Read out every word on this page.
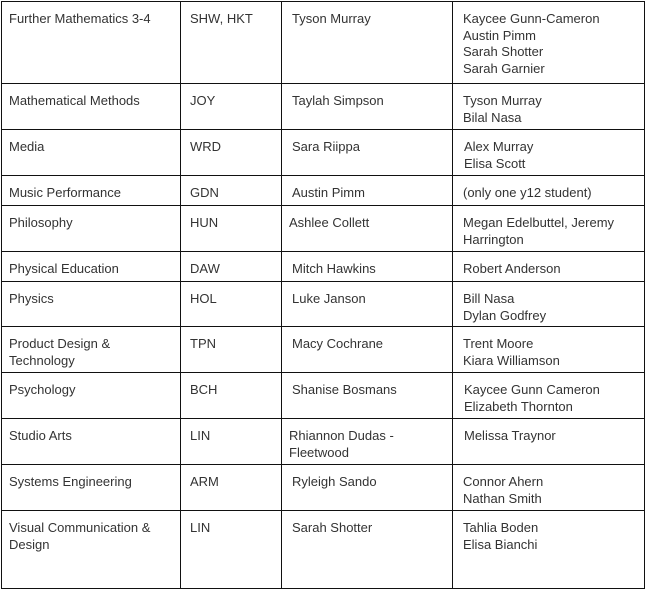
Further Mathematics 3-4	SHW, HKT	Tyson Murray	Kaycee Gunn-Cameron
Austin Pimm
Sarah Shotter
Sarah Garnier

Mathematical Methods	JOY	Taylah Simpson	Tyson Murray
Bilal Nasa

Media	WRD	Sara Riippa	Alex Murray
Elisa Scott

Music Performance	GDN	Austin Pimm	(only one y12 student)

Philosophy	HUN	Ashlee Collett	Megan Edelbuttel, Jeremy
Harrington

Physical Education	DAW	Mitch Hawkins	Robert Anderson

Physics	HOL	Luke Janson	Bill Nasa
Dylan Godfrey

Product Design &
Technology	TPN	Macy Cochrane	Trent Moore
Kiara Williamson

Psychology	BCH	Shanise Bosmans	Kaycee Gunn Cameron
Elizabeth Thornton

Studio Arts	LIN	Rhiannon Dudas -
Fleetwood	Melissa Traynor

Systems Engineering	ARM	Ryleigh Sando	Connor Ahern
Nathan Smith

Visual Communication &
Design	LIN	Sarah Shotter	Tahlia Boden
Elisa Bianchi
